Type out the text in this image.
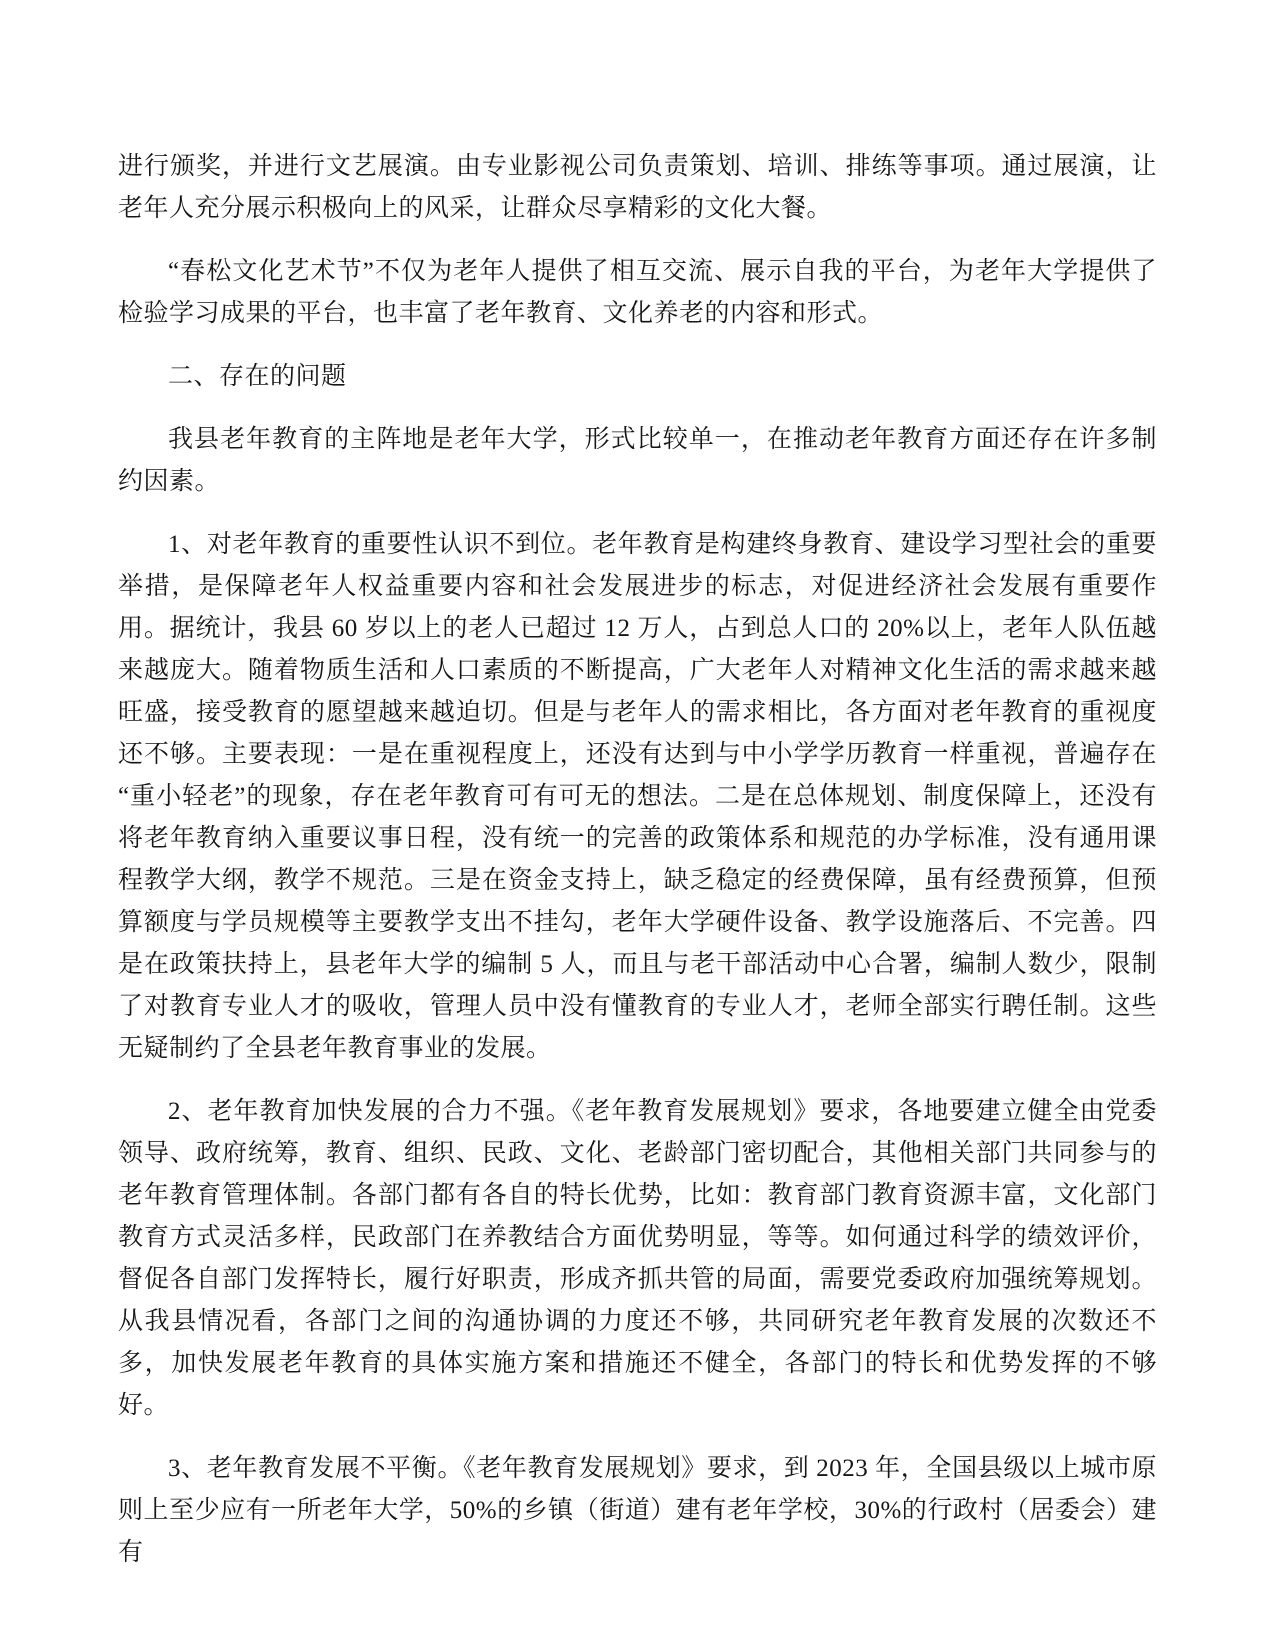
进行颁奖，并进行文艺展演。由专业影视公司负责策划、培训、排练等事项。通过展演，让老年人充分展示积极向上的风采，让群众尽享精彩的文化大餐。

“春松文化艺术节”不仅为老年人提供了相互交流、展示自我的平台，为老年大学提供了检验学习成果的平台，也丰富了老年教育、文化养老的内容和形式。

二、存在的问题

我县老年教育的主阵地是老年大学，形式比较单一，在推动老年教育方面还存在许多制约因素。

1、对老年教育的重要性认识不到位。老年教育是构建终身教育、建设学习型社会的重要举措，是保障老年人权益重要内容和社会发展进步的标志，对促进经济社会发展有重要作用。据统计，我县 60 岁以上的老人已超过 12 万人，占到总人口的 20%以上，老年人队伍越来越庞大。随着物质生活和人口素质的不断提高，广大老年人对精神文化生活的需求越来越旺盛，接受教育的愿望越来越迫切。但是与老年人的需求相比，各方面对老年教育的重视度还不够。主要表现：一是在重视程度上，还没有达到与中小学学历教育一样重视，普遍存在“重小轻老”的现象，存在老年教育可有可无的想法。二是在总体规划、制度保障上，还没有将老年教育纳入重要议事日程，没有统一的完善的政策体系和规范的办学标准，没有通用课程教学大纲，教学不规范。三是在资金支持上，缺乏稳定的经费保障，虽有经费预算，但预算额度与学员规模等主要教学支出不挂勾，老年大学硬件设备、教学设施落后、不完善。四是在政策扶持上，县老年大学的编制 5 人，而且与老干部活动中心合署，编制人数少，限制了对教育专业人才的吸收，管理人员中没有懂教育的专业人才，老师全部实行聘任制。这些无疑制约了全县老年教育事业的发展。

2、老年教育加快发展的合力不强。《老年教育发展规划》要求，各地要建立健全由党委领导、政府统筹，教育、组织、民政、文化、老龄部门密切配合，其他相关部门共同参与的老年教育管理体制。各部门都有各自的特长优势，比如：教育部门教育资源丰富，文化部门教育方式灵活多样，民政部门在养教结合方面优势明显，等等。如何通过科学的绩效评价，督促各自部门发挥特长，履行好职责，形成齐抓共管的局面，需要党委政府加强统筹规划。从我县情况看，各部门之间的沟通协调的力度还不够，共同研究老年教育发展的次数还不多，加快发展老年教育的具体实施方案和措施还不健全，各部门的特长和优势发挥的不够好。

3、老年教育发展不平衡。《老年教育发展规划》要求，到 2023 年，全国县级以上城市原则上至少应有一所老年大学，50%的乡镇（街道）建有老年学校，30%的行政村（居委会）建有
